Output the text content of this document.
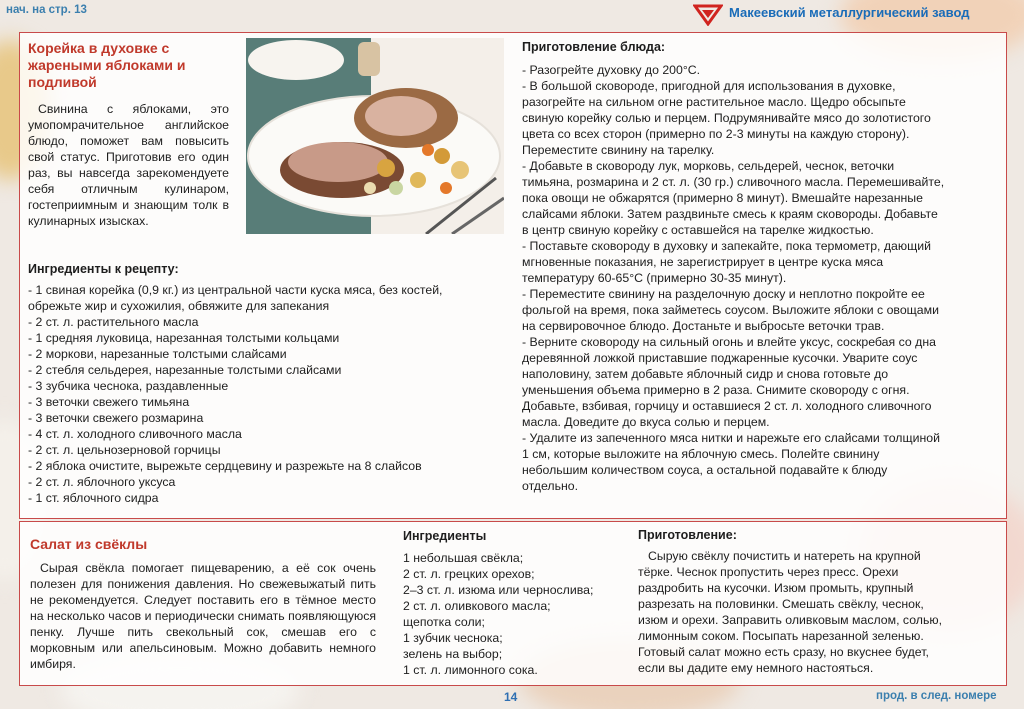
нач. на стр. 13	Макеевский металлургический завод
Корейка в духовке с жареными яблоками и подливой
Свинина с яблоками, это умопомрачительное английское блюдо, поможет вам повысить свой статус. Приготовив его один раз, вы навсегда зарекомендуете себя отличным кулинаром, гостеприимным и знающим толк в кулинарных изысках.
Ингредиенты к рецепту:
- 1 свиная корейка (0,9 кг.) из центральной части куска мяса, без костей, обрежьте жир и сухожилия, обвяжите для запекания
- 2 ст. л. растительного масла
- 1 средняя луковица, нарезанная толстыми кольцами
- 2 моркови, нарезанные толстыми слайсами
- 2 стебля сельдерея, нарезанные толстыми слайсами
- 3 зубчика чеснока, раздавленные
- 3 веточки свежего тимьяна
- 3 веточки свежего розмарина
- 4 ст. л. холодного сливочного масла
- 2 ст. л. цельнозерновой горчицы
- 2 яблока очистите, вырежьте сердцевину и разрежьте на 8 слайсов
- 2 ст. л. яблочного уксуса
- 1 ст. яблочного сидра
Приготовление блюда:
- Разогрейте духовку до 200°С.
- В большой сковороде, пригодной для использования в духовке,
разогрейте на сильном огне растительное масло. Щедро обсыпьте
свиную корейку солью и перцем. Подрумянивайте мясо до золотистого
цвета со всех сторон (примерно по 2-3 минуты на каждую сторону).
Переместите свинину на тарелку.
- Добавьте в сковороду лук, морковь, сельдерей, чеснок, веточки
тимьяна, розмарина и 2 ст. л. (30 гр.) сливочного масла. Перемешивайте,
пока овощи не обжарятся (примерно 8 минут). Вмешайте нарезанные
слайсами яблоки. Затем раздвиньте смесь к краям сковороды. Добавьте
в центр свиную корейку с оставшейся на тарелке жидкостью.
- Поставьте сковороду в духовку и запекайте, пока термометр, дающий
мгновенные показания, не зарегистрирует в центре куска мяса
температуру 60-65°С (примерно 30-35 минут).
- Переместите свинину на разделочную доску и неплотно покройте ее
фольгой на время, пока займетесь соусом. Выложите яблоки с овощами
на сервировочное блюдо. Достаньте и выбросьте веточки трав.
- Верните сковороду на сильный огонь и влейте уксус, соскребая со дна
деревянной ложкой приставшие поджаренные кусочки. Уварите соус
наполовину, затем добавьте яблочный сидр и снова готовьте до
уменьшения объема примерно в 2 раза. Снимите сковороду с огня.
Добавьте, взбивая, горчицу и оставшиеся 2 ст. л. холодного сливочного
масла. Доведите до вкуса солью и перцем.
- Удалите из запеченного мяса нитки и нарежьте его слайсами толщиной
1 см, которые выложите на яблочную смесь. Полейте свинину
небольшим количеством соуса, а остальной подавайте к блюду
отдельно.
Салат из свёклы
Сырая свёкла помогает пищеварению, а её сок очень полезен для понижения давления. Но свежевыжатый пить не рекомендуется. Следует поставить его в тёмное место на несколько часов и периодически снимать появляющуюся пенку. Лучше пить свекольный сок, смешав его с морковным или апельсиновым. Можно добавить немного имбиря.
Ингредиенты
1 небольшая свёкла;
2 ст. л. грецких орехов;
2–3 ст. л. изюма или чернослива;
2 ст. л. оливкового масла;
щепотка соли;
1 зубчик чеснока;
зелень на выбор;
1 ст. л. лимонного сока.
Приготовление:
Сырую свёклу почистить и натереть на крупной
тёрке. Чеснок пропустить через пресс. Орехи
раздробить на кусочки. Изюм промыть, крупный
разрезать на половинки. Смешать свёклу, чеснок,
изюм и орехи. Заправить оливковым маслом, солью,
лимонным соком. Посыпать нарезанной зеленью.
Готовый салат можно есть сразу, но вкуснее будет,
если вы дадите ему немного настояться.
14	прод. в след. номере
